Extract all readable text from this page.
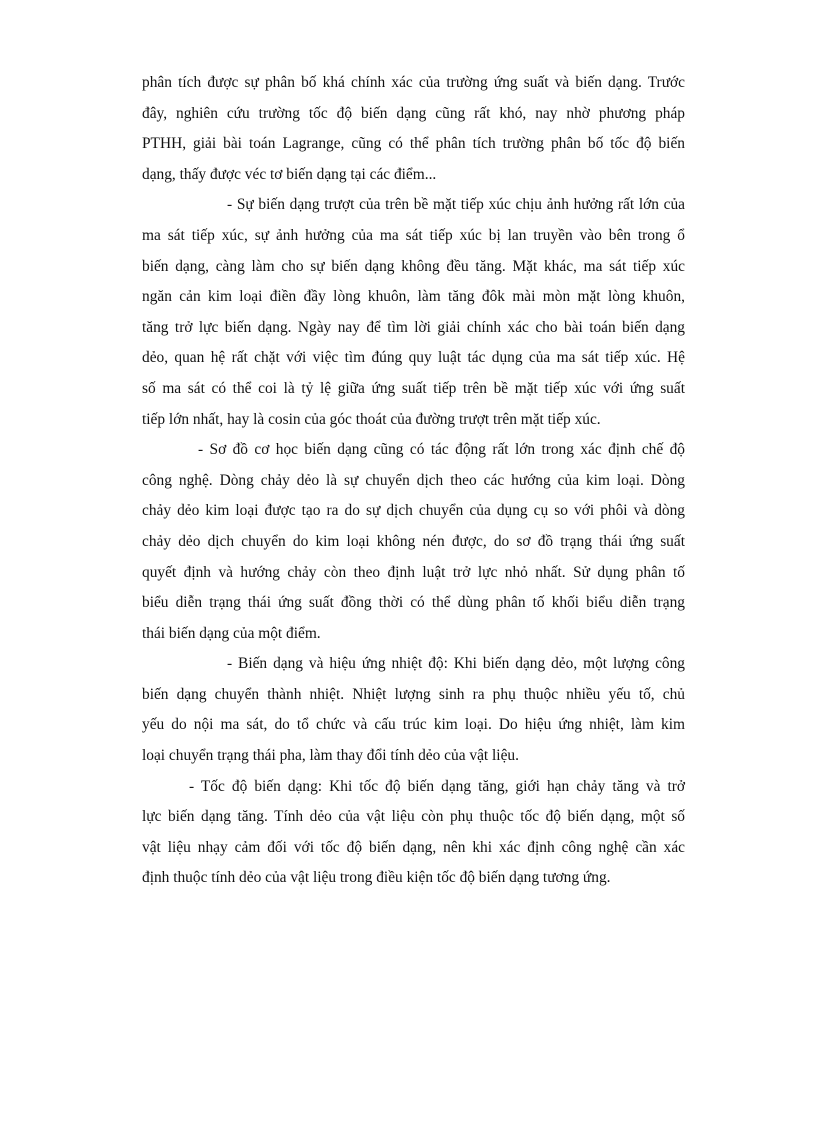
phân tích được sự phân bố khá chính xác của trường ứng suất và biến dạng. Trước
đây, nghiên cứu trường tốc độ biến dạng cũng rất khó, nay nhờ phương pháp
PTHH, giải bài toán Lagrange, cũng có thể phân tích trường phân bố tốc độ biến
dạng, thấy được véc tơ biến dạng tại các điểm...
- Sự biến dạng trượt của trên bề mặt tiếp xúc chịu ảnh hưởng rất lớn của
ma sát tiếp xúc, sự ảnh hưởng của ma sát tiếp xúc bị lan truyền vào bên trong ổ
biến dạng, càng làm cho sự biến dạng không đều tăng. Mặt khác, ma sát tiếp xúc
ngăn cản kim loại điền đầy lòng khuôn, làm tăng đôk mài mòn mặt lòng khuôn,
tăng trở lực biến dạng. Ngày nay để tìm lời giải chính xác cho bài toán biến dạng
dẻo, quan hệ rất chặt với việc tìm đúng quy luật tác dụng của ma sát tiếp xúc. Hệ
số ma sát có thể coi là tỷ lệ giữa ứng suất tiếp trên bề mặt tiếp xúc với ứng suất
tiếp lớn nhất, hay là cosin của góc thoát của đường trượt trên mặt tiếp xúc.
- Sơ đồ cơ học biến dạng cũng có tác động rất lớn trong xác định chế độ
công nghệ. Dòng chảy dẻo là sự chuyển dịch theo các hướng của kim loại. Dòng
chảy dẻo kim loại được tạo ra do sự dịch chuyển của dụng cụ so với phôi và dòng
chảy dẻo dịch chuyển do kim loại không nén được, do sơ đồ trạng thái ứng suất
quyết định và hướng chảy còn theo định luật trở lực nhỏ nhất. Sử dụng phân tố
biểu diễn trạng thái ứng suất đồng thời có thể dùng phân tố khối biểu diễn trạng
thái biến dạng của một điểm.
- Biến dạng và hiệu ứng nhiệt độ: Khi biến dạng dẻo, một lượng công
biến dạng chuyển thành nhiệt. Nhiệt lượng sinh ra phụ thuộc nhiều yếu tố, chủ
yếu do nội ma sát, do tổ chức và cấu trúc kim loại. Do hiệu ứng nhiệt, làm kim
loại chuyển trạng thái pha, làm thay đổi tính dẻo của vật liệu.
- Tốc độ biến dạng: Khi tốc độ biến dạng tăng, giới hạn chảy tăng và trở
lực biến dạng tăng. Tính dẻo của vật liệu còn phụ thuộc tốc độ biến dạng, một số
vật liệu nhạy cảm đối với tốc độ biến dạng, nên khi xác định công nghệ cần xác
định thuộc tính dẻo của vật liệu trong điều kiện tốc độ biến dạng tương ứng.
